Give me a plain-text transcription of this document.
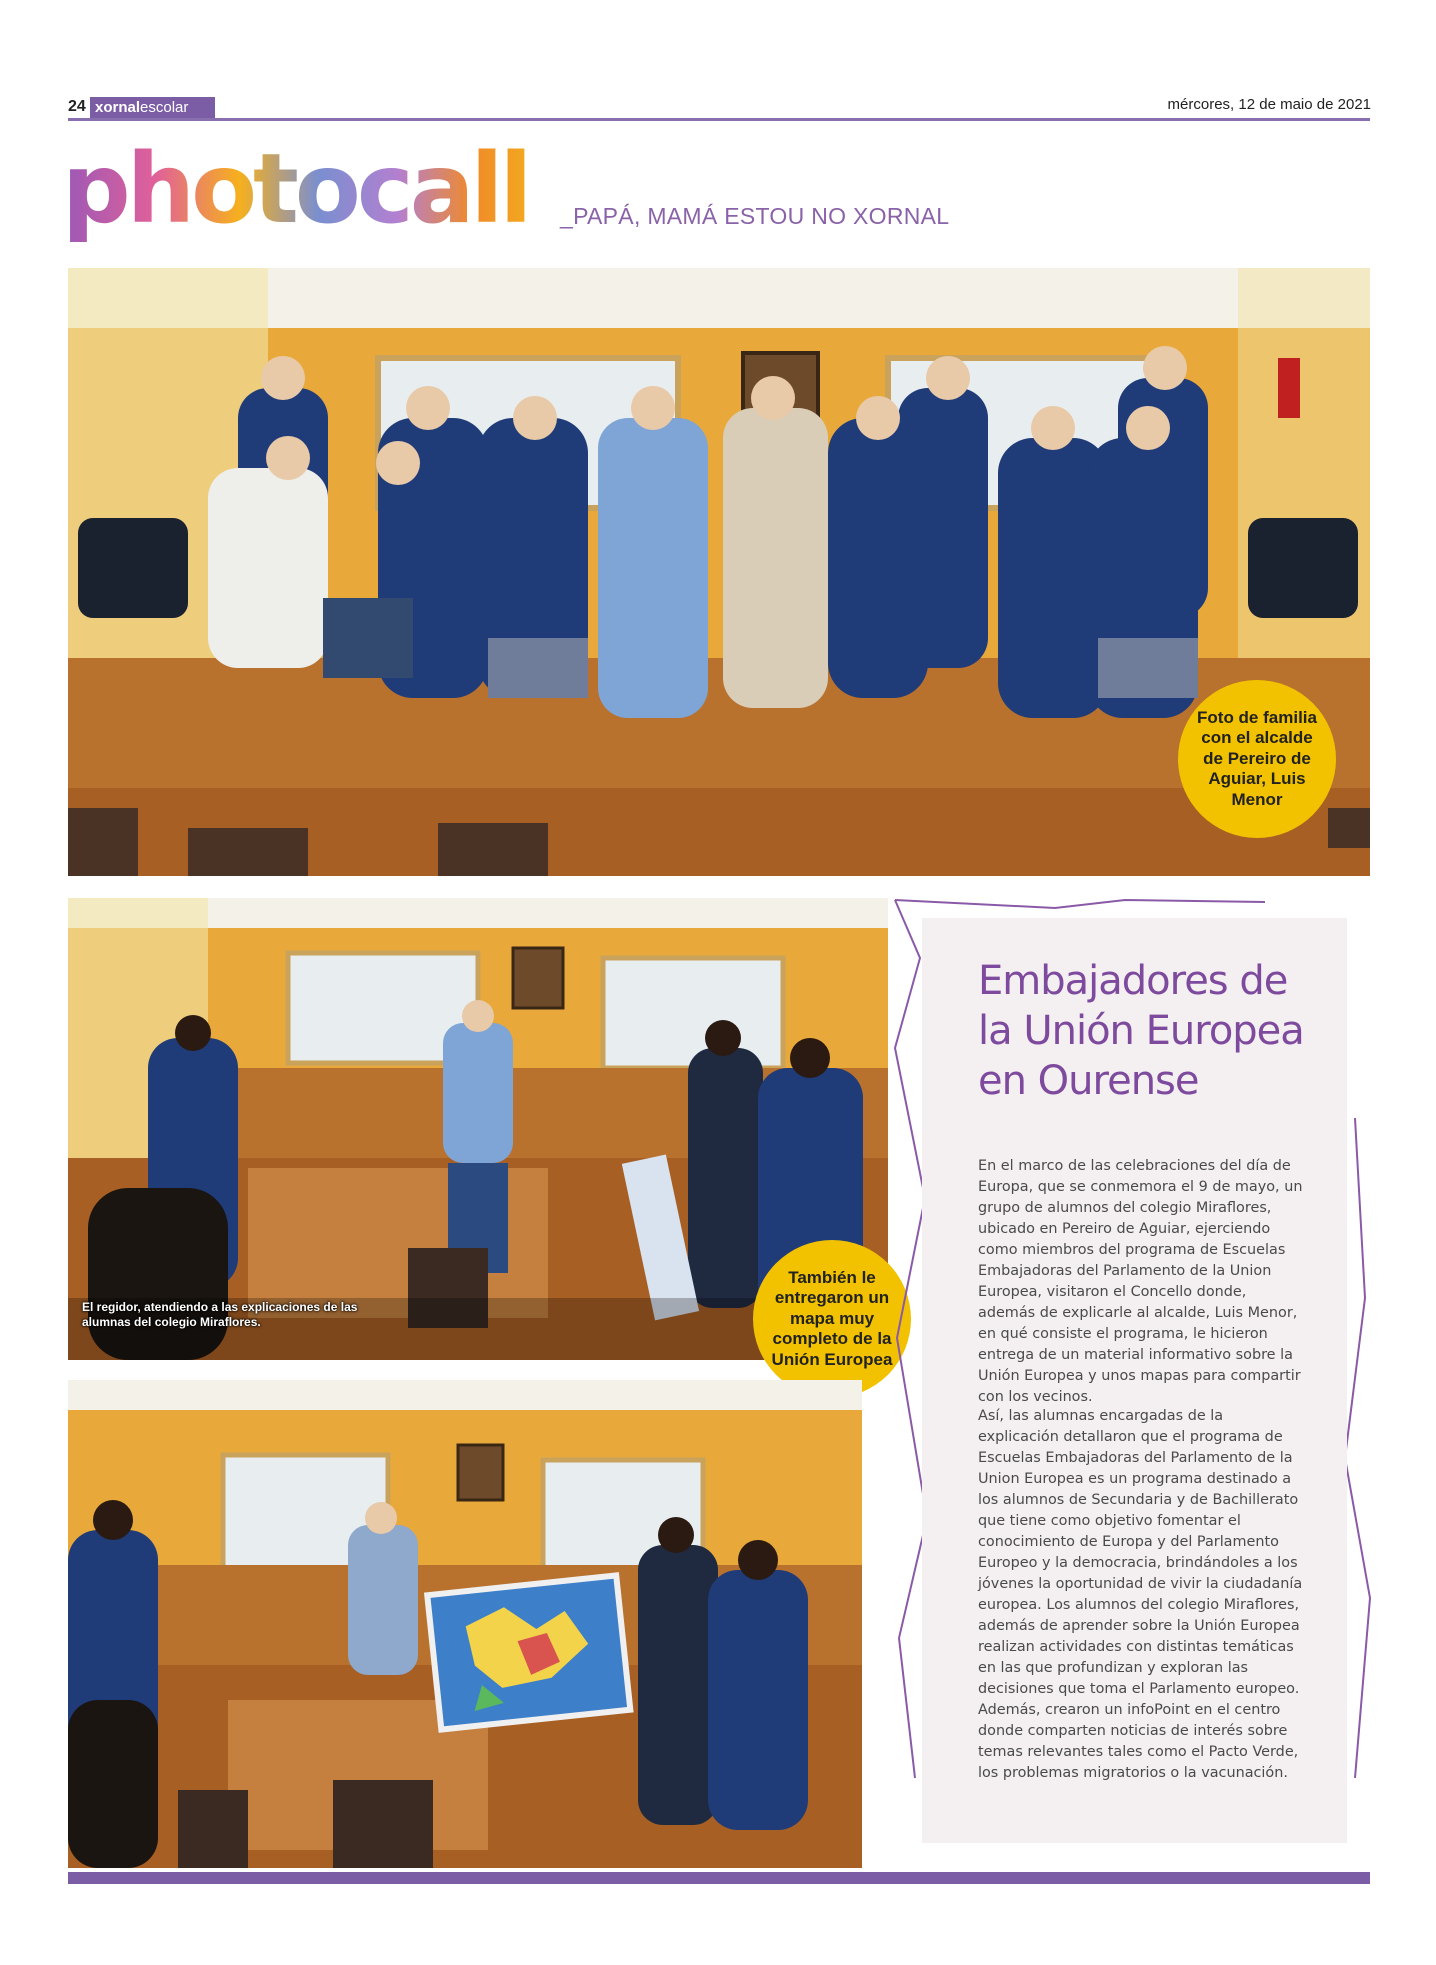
24 xornalescolar	mércores, 12 de maio de 2021
photocall _PAPÁ, MAMÁ ESTOU NO XORNAL
Foto de familia con el alcalde de Pereiro de Aguiar, Luis Menor
El regidor, atendiendo a las explicaciones de las alumnas del colegio Miraflores.
También le entregaron un mapa muy completo de la Unión Europea
Embajadores de la Unión Europea en Ourense

En el marco de las celebraciones del día de Europa, que se conmemora el 9 de mayo, un grupo de alumnos del colegio Miraflores, ubicado en Pereiro de Aguiar, ejerciendo como miembros del programa de Escuelas Embajadoras del Parlamento de la Union Europea, visitaron el Concello donde, además de explicarle al alcalde, Luis Menor, en qué consiste el programa, le hicieron entrega de un material informativo sobre la Unión Europea y unos mapas para compartir con los vecinos.

Así, las alumnas encargadas de la explicación detallaron que el programa de Escuelas Embajadoras del Parlamento de la Union Europea es un programa destinado a los alumnos de Secundaria y de Bachillerato que tiene como objetivo fomentar el conocimiento de Europa y del Parlamento Europeo y la democracia, brindándoles a los jóvenes la oportunidad de vivir la ciudadanía europea. Los alumnos del colegio Miraflores, además de aprender sobre la Unión Europea realizan actividades con distintas temáticas en las que profundizan y exploran las decisiones que toma el Parlamento europeo. Además, crearon un infoPoint en el centro donde comparten noticias de interés sobre temas relevantes tales como el Pacto Verde, los problemas migratorios o la vacunación.
